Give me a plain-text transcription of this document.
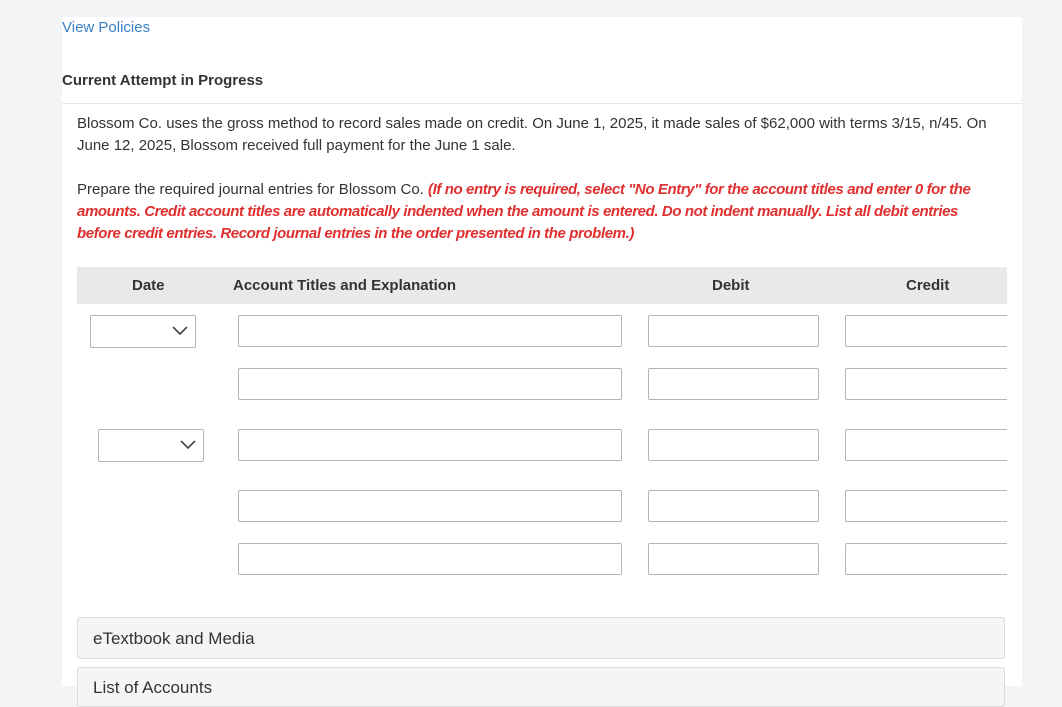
View Policies
Current Attempt in Progress
Blossom Co. uses the gross method to record sales made on credit. On June 1, 2025, it made sales of $62,000 with terms 3/15, n/45. On June 12, 2025, Blossom received full payment for the June 1 sale.
Prepare the required journal entries for Blossom Co. (If no entry is required, select "No Entry" for the account titles and enter 0 for the amounts. Credit account titles are automatically indented when the amount is entered. Do not indent manually. List all debit entries before credit entries. Record journal entries in the order presented in the problem.)
Date	Account Titles and Explanation	Debit	Credit
eTextbook and Media
List of Accounts
